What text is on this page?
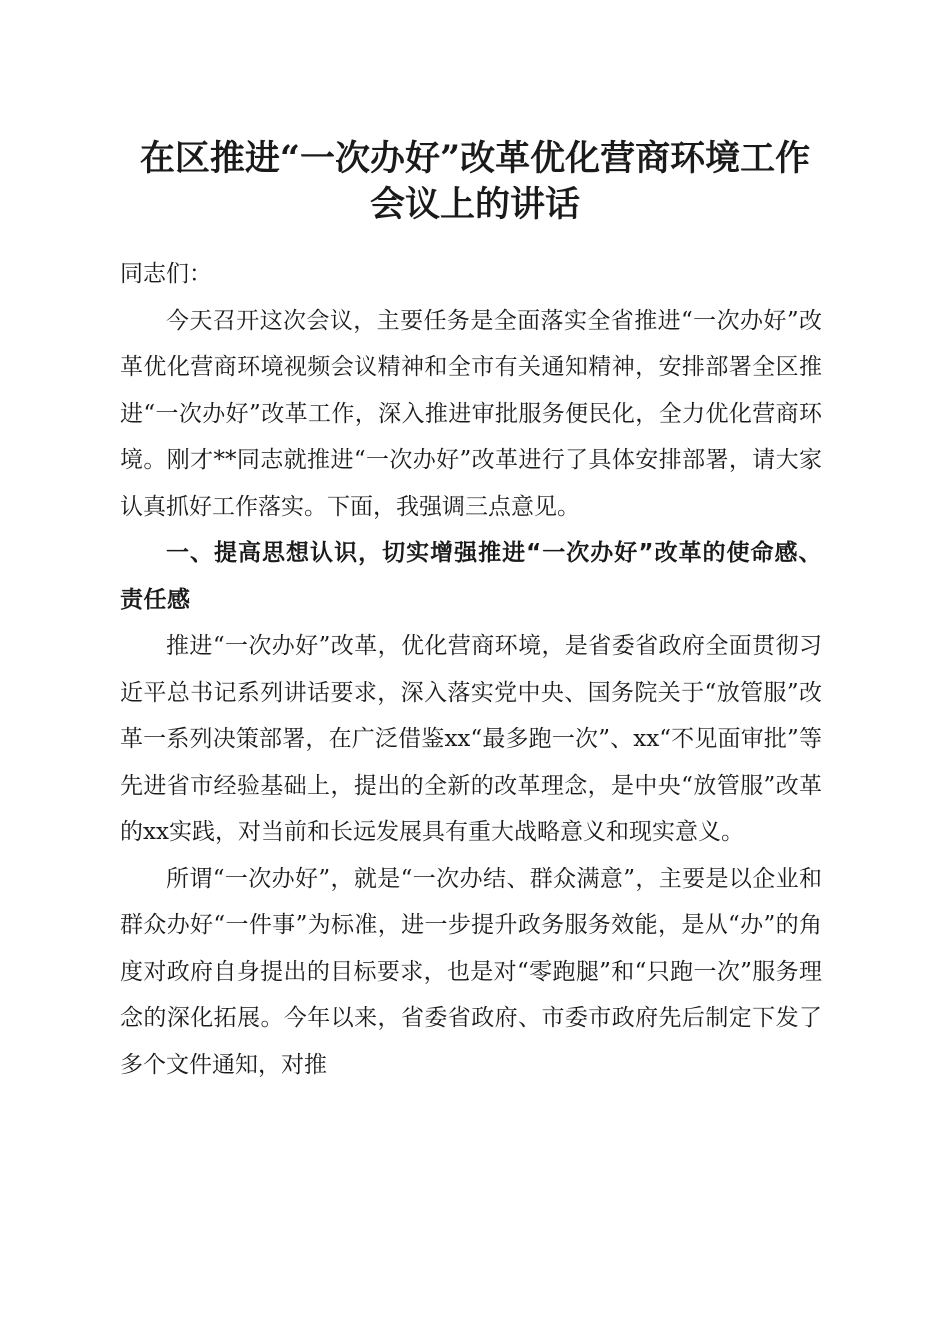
在区推进“一次办好”改革优化营商环境工作
会议上的讲话

同志们：

今天召开这次会议，主要任务是全面落实全省推进“一次办好”改革优化营商环境视频会议精神和全市有关通知精神，安排部署全区推进“一次办好”改革工作，深入推进审批服务便民化，全力优化营商环境。刚才**同志就推进“一次办好”改革进行了具体安排部署，请大家认真抓好工作落实。下面，我强调三点意见。

一、提高思想认识，切实增强推进“一次办好”改革的使命感、责任感

推进“一次办好”改革，优化营商环境，是省委省政府全面贯彻习近平总书记系列讲话要求，深入落实党中央、国务院关于“放管服”改革一系列决策部署，在广泛借鉴xx“最多跑一次”、xx“不见面审批”等先进省市经验基础上，提出的全新的改革理念，是中央“放管服”改革的xx实践，对当前和长远发展具有重大战略意义和现实意义。

所谓“一次办好”，就是“一次办结、群众满意”，主要是以企业和群众办好“一件事”为标准，进一步提升政务服务效能，是从“办”的角度对政府自身提出的目标要求，也是对“零跑腿”和“只跑一次”服务理念的深化拓展。今年以来，省委省政府、市委市政府先后制定下发了多个文件通知，对推
